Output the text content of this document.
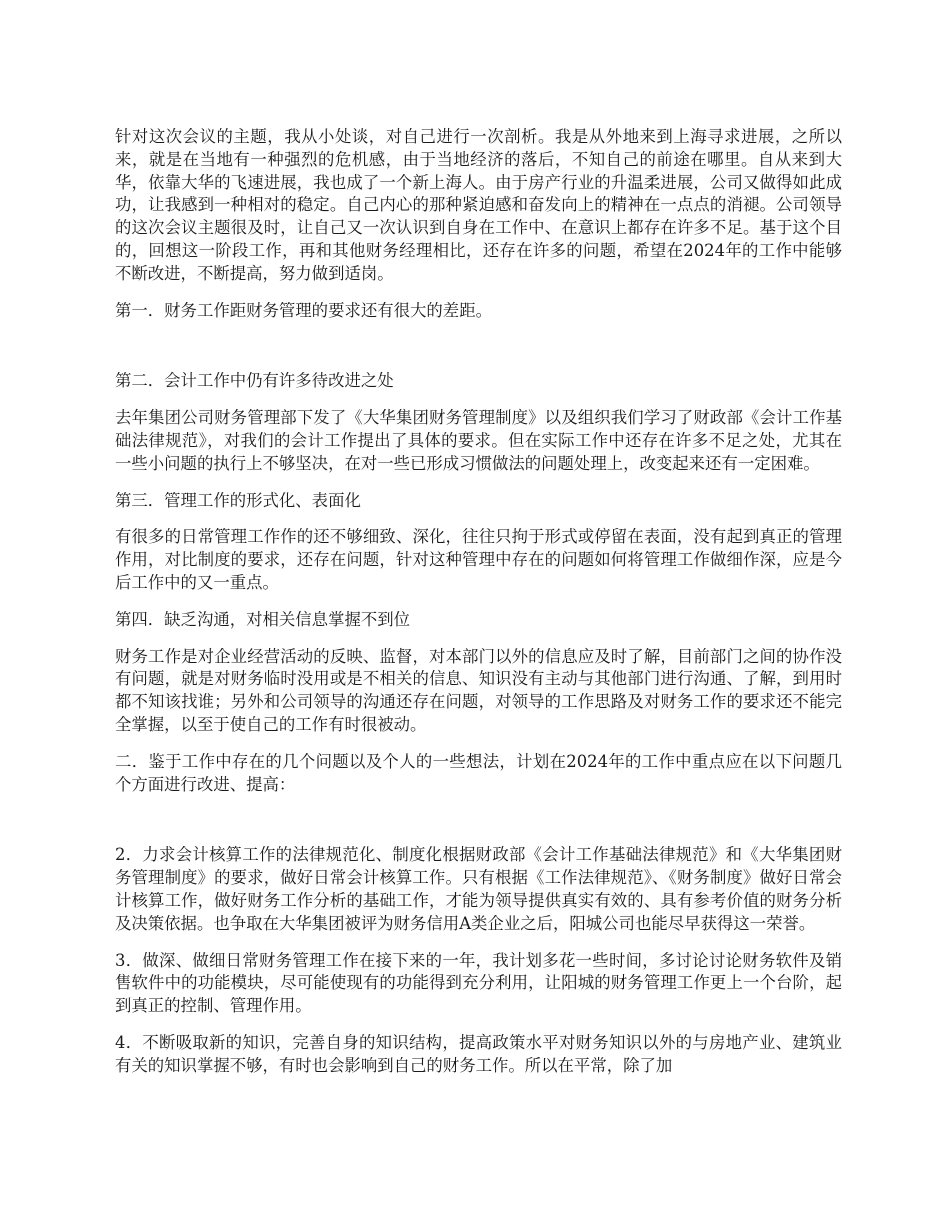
针对这次会议的主题，我从小处谈，对自己进行一次剖析。我是从外地来到上海寻求进展，之所以来，就是在当地有一种强烈的危机感，由于当地经济的落后，不知自己的前途在哪里。自从来到大华，依靠大华的飞速进展，我也成了一个新上海人。由于房产行业的升温柔进展，公司又做得如此成功，让我感到一种相对的稳定。自己内心的那种紧迫感和奋发向上的精神在一点点的消褪。公司领导的这次会议主题很及时，让自己又一次认识到自身在工作中、在意识上都存在许多不足。基于这个目的，回想这一阶段工作，再和其他财务经理相比，还存在许多的问题，希望在2024年的工作中能够不断改进，不断提高，努力做到适岗。

第一．财务工作距财务管理的要求还有很大的差距。

第二．会计工作中仍有许多待改进之处

去年集团公司财务管理部下发了《大华集团财务管理制度》以及组织我们学习了财政部《会计工作基础法律规范》，对我们的会计工作提出了具体的要求。但在实际工作中还存在许多不足之处，尤其在一些小问题的执行上不够坚决，在对一些已形成习惯做法的问题处理上，改变起来还有一定困难。

第三．管理工作的形式化、表面化

有很多的日常管理工作作的还不够细致、深化，往往只拘于形式或停留在表面，没有起到真正的管理作用，对比制度的要求，还存在问题，针对这种管理中存在的问题如何将管理工作做细作深，应是今后工作中的又一重点。

第四．缺乏沟通，对相关信息掌握不到位

财务工作是对企业经营活动的反映、监督，对本部门以外的信息应及时了解，目前部门之间的协作没有问题，就是对财务临时没用或是不相关的信息、知识没有主动与其他部门进行沟通、了解，到用时都不知该找谁；另外和公司领导的沟通还存在问题，对领导的工作思路及对财务工作的要求还不能完全掌握，以至于使自己的工作有时很被动。

二．鉴于工作中存在的几个问题以及个人的一些想法，计划在2024年的工作中重点应在以下问题几个方面进行改进、提高：

2．力求会计核算工作的法律规范化、制度化根据财政部《会计工作基础法律规范》和《大华集团财务管理制度》的要求，做好日常会计核算工作。只有根据《工作法律规范》、《财务制度》做好日常会计核算工作，做好财务工作分析的基础工作，才能为领导提供真实有效的、具有参考价值的财务分析及决策依据。也争取在大华集团被评为财务信用A类企业之后，阳城公司也能尽早获得这一荣誉。

3．做深、做细日常财务管理工作在接下来的一年，我计划多花一些时间，多讨论讨论财务软件及销售软件中的功能模块，尽可能使现有的功能得到充分利用，让阳城的财务管理工作更上一个台阶，起到真正的控制、管理作用。

4．不断吸取新的知识，完善自身的知识结构，提高政策水平对财务知识以外的与房地产业、建筑业有关的知识掌握不够，有时也会影响到自己的财务工作。所以在平常，除了加
